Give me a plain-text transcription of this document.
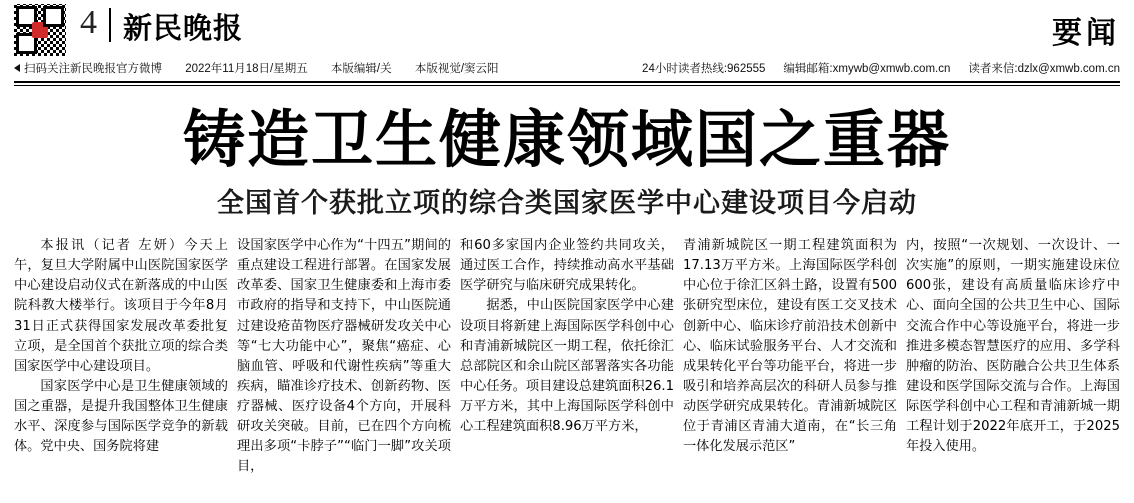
4 新民晚报	要闻
扫码关注新民晚报官方微博
2022年11月18日/星期五
本版编辑/关
本版视觉/窦云阳	24小时读者热线:962555 编辑邮箱:xmywb@xmwb.com.cn 读者来信:dzlx@xmwb.com.cn
铸造卫生健康领域国之重器
全国首个获批立项的综合类国家医学中心建设项目今启动

本报讯（记者 左妍）今天上午，复旦大学附属中山医院国家医学中心建设启动仪式在新落成的中山医院科教大楼举行。该项目于今年8月31日正式获得国家发展改革委批复立项，是全国首个获批立项的综合类国家医学中心建设项目。

国家医学中心是卫生健康领域的国之重器，是提升我国整体卫生健康水平、深度参与国际医学竞争的新载体。党中央、国务院将建

设国家医学中心作为“十四五”期间的重点建设工程进行部署。在国家发展改革委、国家卫生健康委和上海市委市政府的指导和支持下，中山医院通过建设疮苗物医疗器械研发攻关中心等“七大功能中心”，聚焦“癌症、心脑血管、呼吸和代谢性疾病”等重大疾病，瞄准诊疗技术、创新药物、医疗器械、医疗设备4个方向，开展科研攻关突破。目前，已在四个方向梳理出多项“卡脖子”“临门一脚”攻关项目，

和60多家国内企业签约共同攻关，通过医工合作，持续推动高水平基础医学研究与临床研究成果转化。

据悉，中山医院国家医学中心建设项目将新建上海国际医学科创中心和青浦新城院区一期工程，依托徐汇总部院区和余山院区部署落实各功能中心任务。项目建设总建筑面积26.1万平方米，其中上海国际医学科创中心工程建筑面积8.96万平方米，

青浦新城院区一期工程建筑面积为17.13万平方米。上海国际医学科创中心位于徐汇区斜土路，设置有500张研究型床位，建设有医工交叉技术创新中心、临床诊疗前沿技术创新中心、临床试验服务平台、人才交流和成果转化平台等功能平台，将进一步吸引和培养高层次的科研人员参与推动医学研究成果转化。青浦新城院区位于青浦区青浦大道南，在“长三角一体化发展示范区”

内，按照“一次规划、一次设计、一次实施”的原则，一期实施建设床位600张，建设有高质量临床诊疗中心、面向全国的公共卫生中心、国际交流合作中心等设施平台，将进一步推进多模态智慧医疗的应用、多学科肿瘤的防治、医防融合公共卫生体系建设和医学国际交流与合作。上海国际医学科创中心工程和青浦新城一期工程计划于2022年底开工，于2025年投入使用。
